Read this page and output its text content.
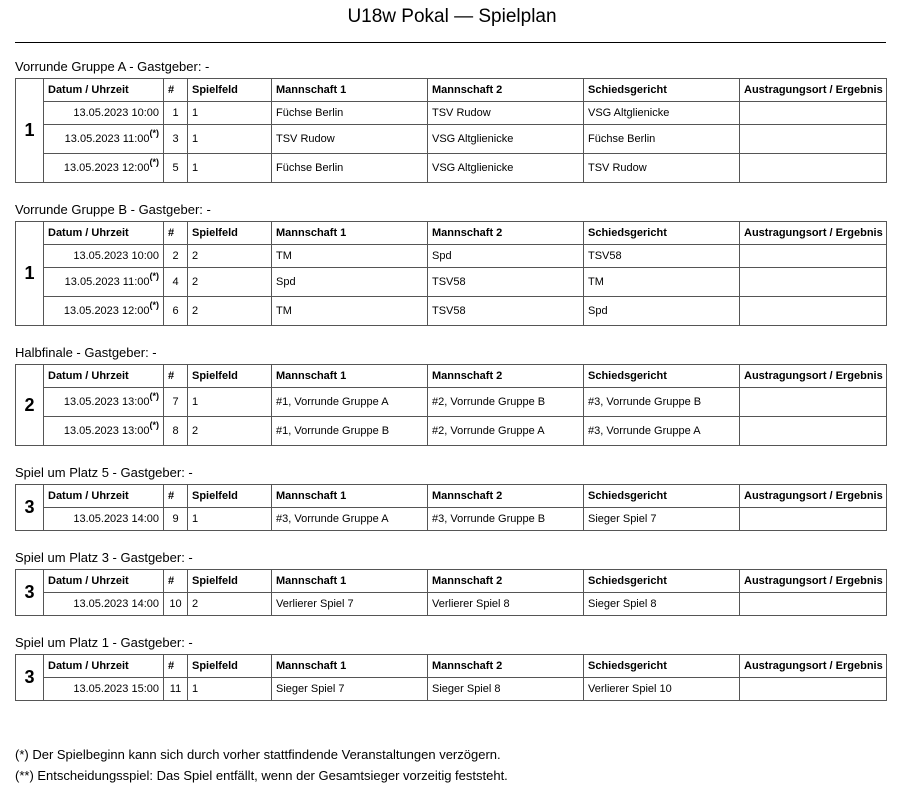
U18w Pokal — Spielplan
Vorrunde Gruppe A - Gastgeber: -
1	Datum / Uhrzeit	#	Spielfeld	Mannschaft 1	Mannschaft 2	Schiedsgericht	Austragungsort / Ergebnis
	13.05.2023 10:00	1	1	Füchse Berlin	TSV Rudow	VSG Altglienicke	
	13.05.2023 11:00(*)	3	1	TSV Rudow	VSG Altglienicke	Füchse Berlin	
	13.05.2023 12:00(*)	5	1	Füchse Berlin	VSG Altglienicke	TSV Rudow	
Vorrunde Gruppe B - Gastgeber: -
1	Datum / Uhrzeit	#	Spielfeld	Mannschaft 1	Mannschaft 2	Schiedsgericht	Austragungsort / Ergebnis
	13.05.2023 10:00	2	2	TM	Spd	TSV58	
	13.05.2023 11:00(*)	4	2	Spd	TSV58	TM	
	13.05.2023 12:00(*)	6	2	TM	TSV58	Spd	
Halbfinale - Gastgeber: -
2	Datum / Uhrzeit	#	Spielfeld	Mannschaft 1	Mannschaft 2	Schiedsgericht	Austragungsort / Ergebnis
	13.05.2023 13:00(*)	7	1	#1, Vorrunde Gruppe A	#2, Vorrunde Gruppe B	#3, Vorrunde Gruppe B	
	13.05.2023 13:00(*)	8	2	#1, Vorrunde Gruppe B	#2, Vorrunde Gruppe A	#3, Vorrunde Gruppe A	
Spiel um Platz 5 - Gastgeber: -
3	Datum / Uhrzeit	#	Spielfeld	Mannschaft 1	Mannschaft 2	Schiedsgericht	Austragungsort / Ergebnis
	13.05.2023 14:00	9	1	#3, Vorrunde Gruppe A	#3, Vorrunde Gruppe B	Sieger Spiel 7	
Spiel um Platz 3 - Gastgeber: -
3	Datum / Uhrzeit	#	Spielfeld	Mannschaft 1	Mannschaft 2	Schiedsgericht	Austragungsort / Ergebnis
	13.05.2023 14:00	10	2	Verlierer Spiel 7	Verlierer Spiel 8	Sieger Spiel 8	
Spiel um Platz 1 - Gastgeber: -
3	Datum / Uhrzeit	#	Spielfeld	Mannschaft 1	Mannschaft 2	Schiedsgericht	Austragungsort / Ergebnis
	13.05.2023 15:00	11	1	Sieger Spiel 7	Sieger Spiel 8	Verlierer Spiel 10	
(*) Der Spielbeginn kann sich durch vorher stattfindende Veranstaltungen verzögern.
(**) Entscheidungsspiel: Das Spiel entfällt, wenn der Gesamtsieger vorzeitig feststeht.
